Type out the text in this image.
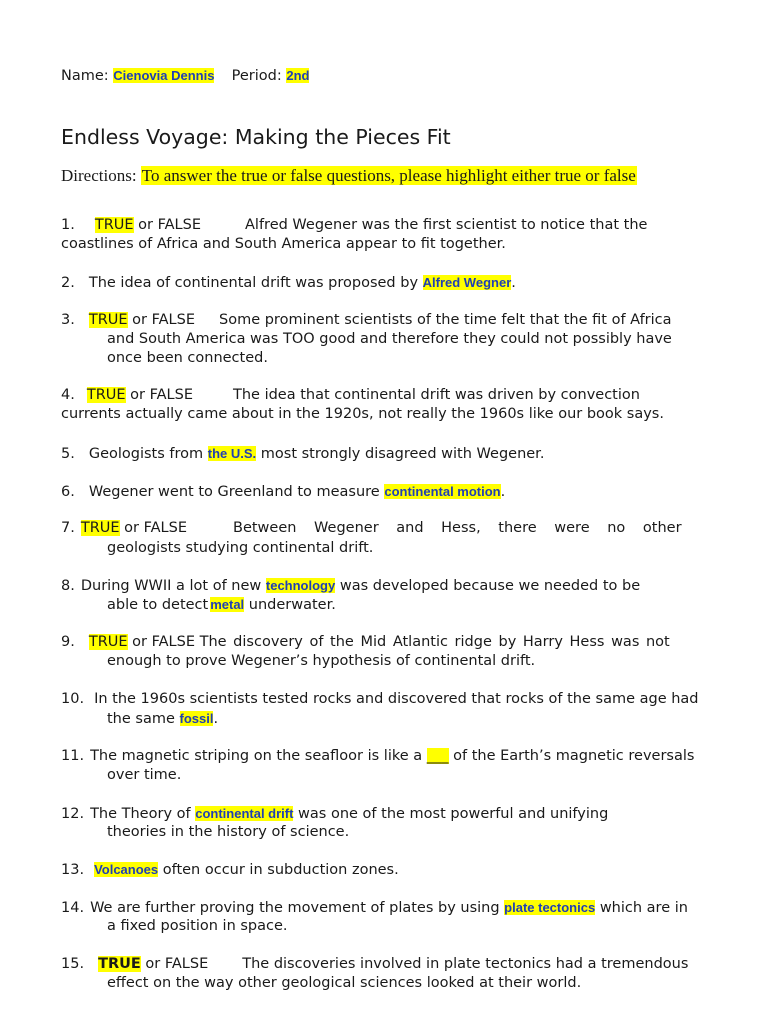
Name: Cienovia Dennis Period: 2nd
Endless Voyage: Making the Pieces Fit
Directions: To answer the true or false questions, please highlight either true or false
1. TRUE or FALSE	Alfred Wegener was the first scientist to notice that the
coastlines of Africa and South America appear to fit together.
2. The idea of continental drift was proposed by Alfred Wegner.
3. TRUE or FALSE Some prominent scientists of the time felt that the fit of Africa
and South America was TOO good and therefore they could not possibly have
once been connected.
4. TRUE or FALSE	The idea that continental drift was driven by convection
currents actually came about in the 1920s, not really the 1960s like our book says.
5. Geologists from the U.S. most strongly disagreed with Wegener.
6. Wegener went to Greenland to measure continental motion.
7. TRUE or FALSE	Between Wegener and Hess, there were no other
geologists studying continental drift.
8. During WWII a lot of new technology was developed because we needed to be
able to detect metal underwater.
9. TRUE or FALSE The discovery of the Mid Atlantic ridge by Harry Hess was not
enough to prove Wegener’s hypothesis of continental drift.
10. In the 1960s scientists tested rocks and discovered that rocks of the same age had
the same fossil.
11. The magnetic striping on the seafloor is like a ___ of the Earth’s magnetic reversals
over time.
12. The Theory of continental drift was one of the most powerful and unifying
theories in the history of science.
13. Volcanoes often occur in subduction zones.
14. We are further proving the movement of plates by using plate tectonics which are in
a fixed position in space.
15. TRUE or FALSE The discoveries involved in plate tectonics had a tremendous
effect on the way other geological sciences looked at their world.
